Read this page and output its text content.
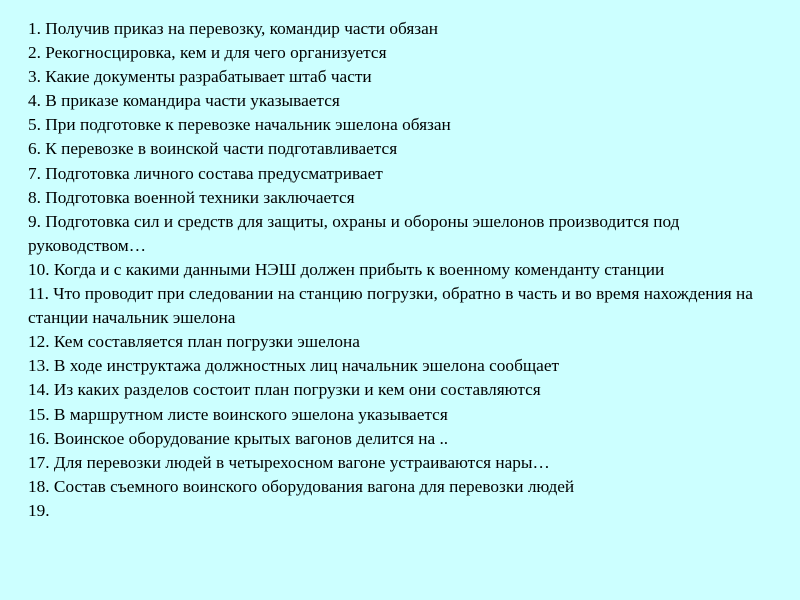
1. Получив приказ на перевозку, командир части обязан
2. Рекогносцировка, кем и для чего организуется
3. Какие документы разрабатывает штаб части
4. В приказе командира части указывается
5. При подготовке к перевозке начальник эшелона обязан
6. К перевозке в воинской части подготавливается
7. Подготовка личного состава предусматривает
8. Подготовка военной техники заключается
9. Подготовка сил и средств для защиты, охраны и обороны эшелонов производится под руководством…
10. Когда и с какими данными НЭШ должен прибыть к военному коменданту станции
11. Что проводит при следовании на станцию погрузки, обратно в часть и во время нахождения на станции начальник эшелона
12. Кем составляется план погрузки эшелона
13. В ходе инструктажа должностных лиц начальник эшелона сообщает
14. Из каких разделов состоит план погрузки и кем они составляются
15. В маршрутном листе воинского эшелона указывается
16. Воинское оборудование крытых вагонов делится на ..
17. Для перевозки людей в четырехосном вагоне устраиваются нары…
18. Состав съемного воинского оборудования вагона для перевозки людей
19.
